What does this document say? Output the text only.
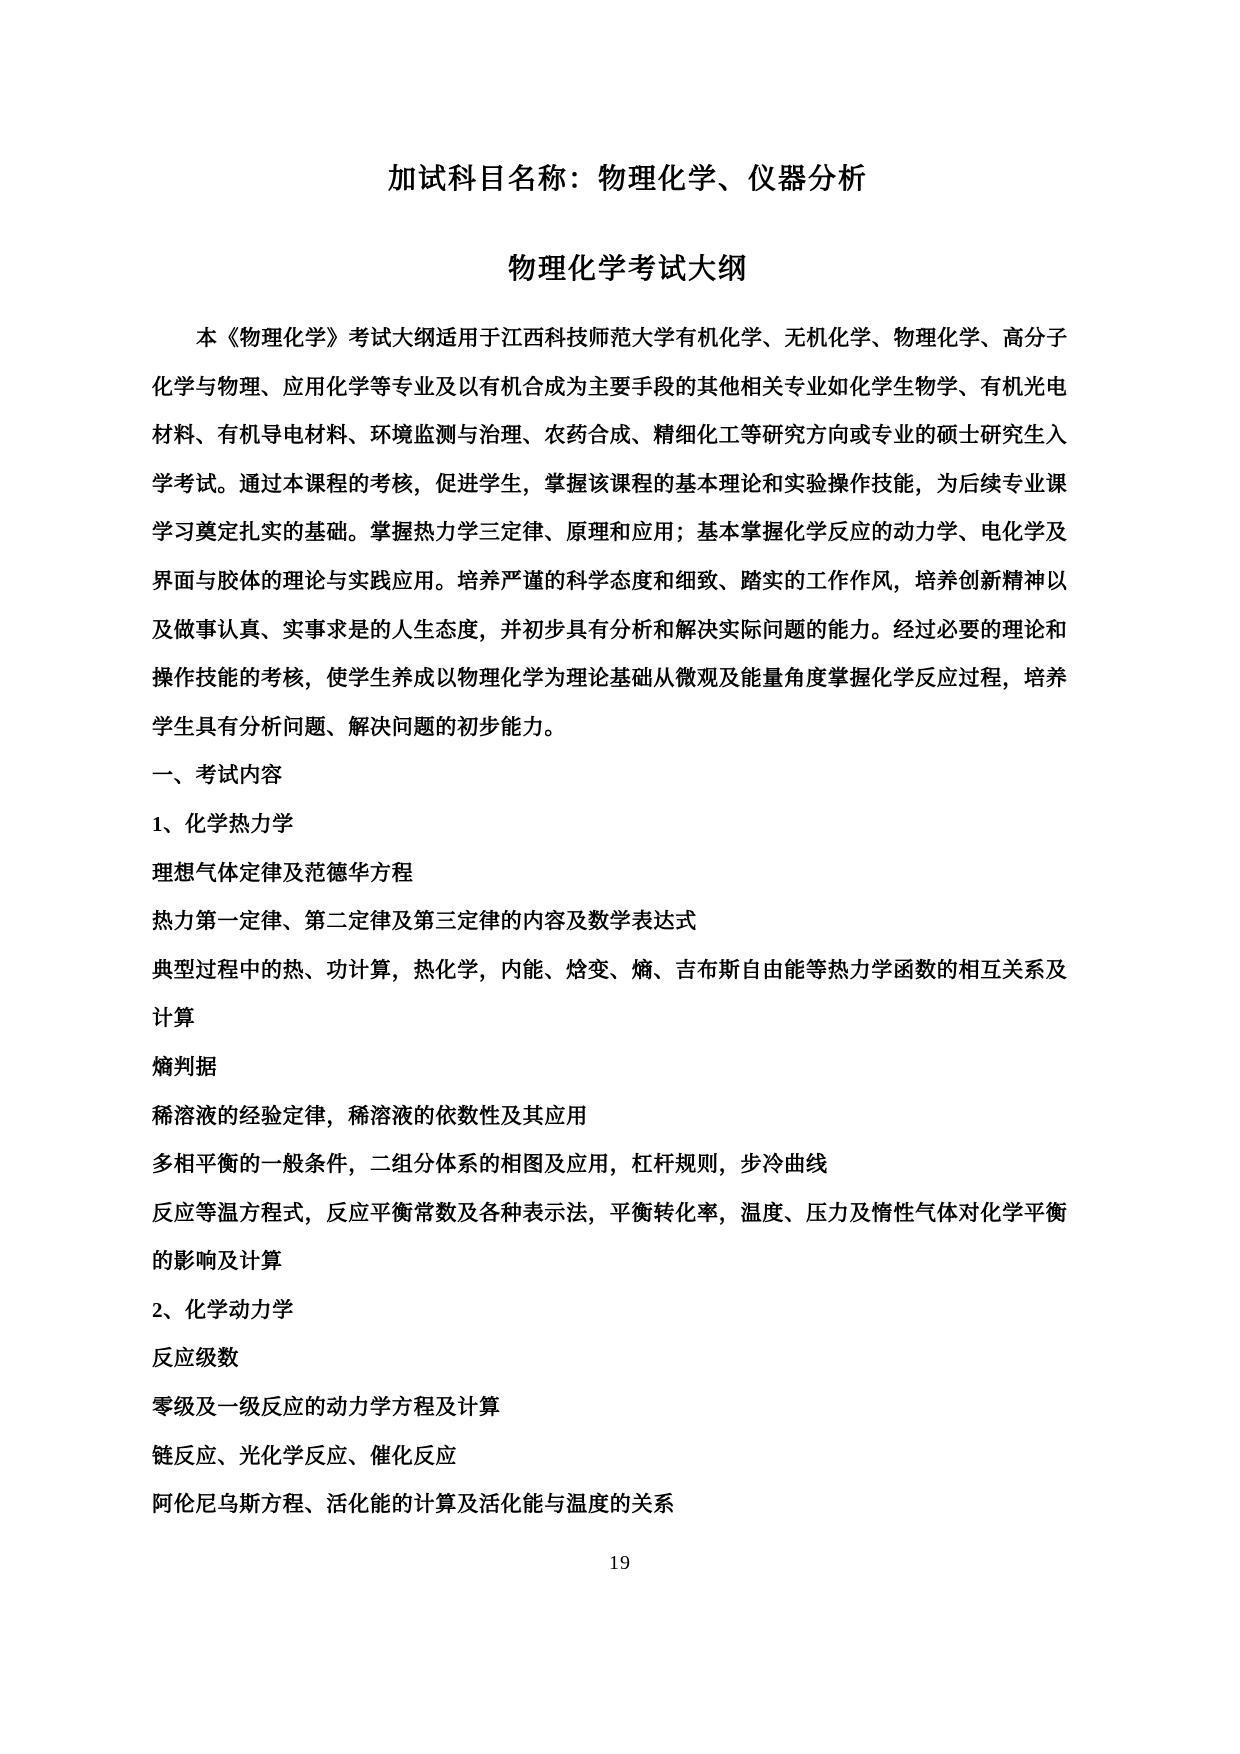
加试科目名称：物理化学、仪器分析
物理化学考试大纲

本《物理化学》考试大纲适用于江西科技师范大学有机化学、无机化学、物理化学、高分子

化学与物理、应用化学等专业及以有机合成为主要手段的其他相关专业如化学生物学、有机光电

材料、有机导电材料、环境监测与治理、农药合成、精细化工等研究方向或专业的硕士研究生入

学考试。通过本课程的考核，促进学生，掌握该课程的基本理论和实验操作技能，为后续专业课

学习奠定扎实的基础。掌握热力学三定律、原理和应用；基本掌握化学反应的动力学、电化学及

界面与胶体的理论与实践应用。培养严谨的科学态度和细致、踏实的工作作风，培养创新精神以

及做事认真、实事求是的人生态度，并初步具有分析和解决实际问题的能力。经过必要的理论和

操作技能的考核，使学生养成以物理化学为理论基础从微观及能量角度掌握化学反应过程，培养

学生具有分析问题、解决问题的初步能力。

一、考试内容

1、化学热力学

理想气体定律及范德华方程

热力第一定律、第二定律及第三定律的内容及数学表达式

典型过程中的热、功计算，热化学，内能、焓变、熵、吉布斯自由能等热力学函数的相互关系及

计算

熵判据

稀溶液的经验定律，稀溶液的依数性及其应用

多相平衡的一般条件，二组分体系的相图及应用，杠杆规则，步冷曲线

反应等温方程式，反应平衡常数及各种表示法，平衡转化率，温度、压力及惰性气体对化学平衡

的影响及计算

2、化学动力学

反应级数

零级及一级反应的动力学方程及计算

链反应、光化学反应、催化反应

阿伦尼乌斯方程、活化能的计算及活化能与温度的关系

19
